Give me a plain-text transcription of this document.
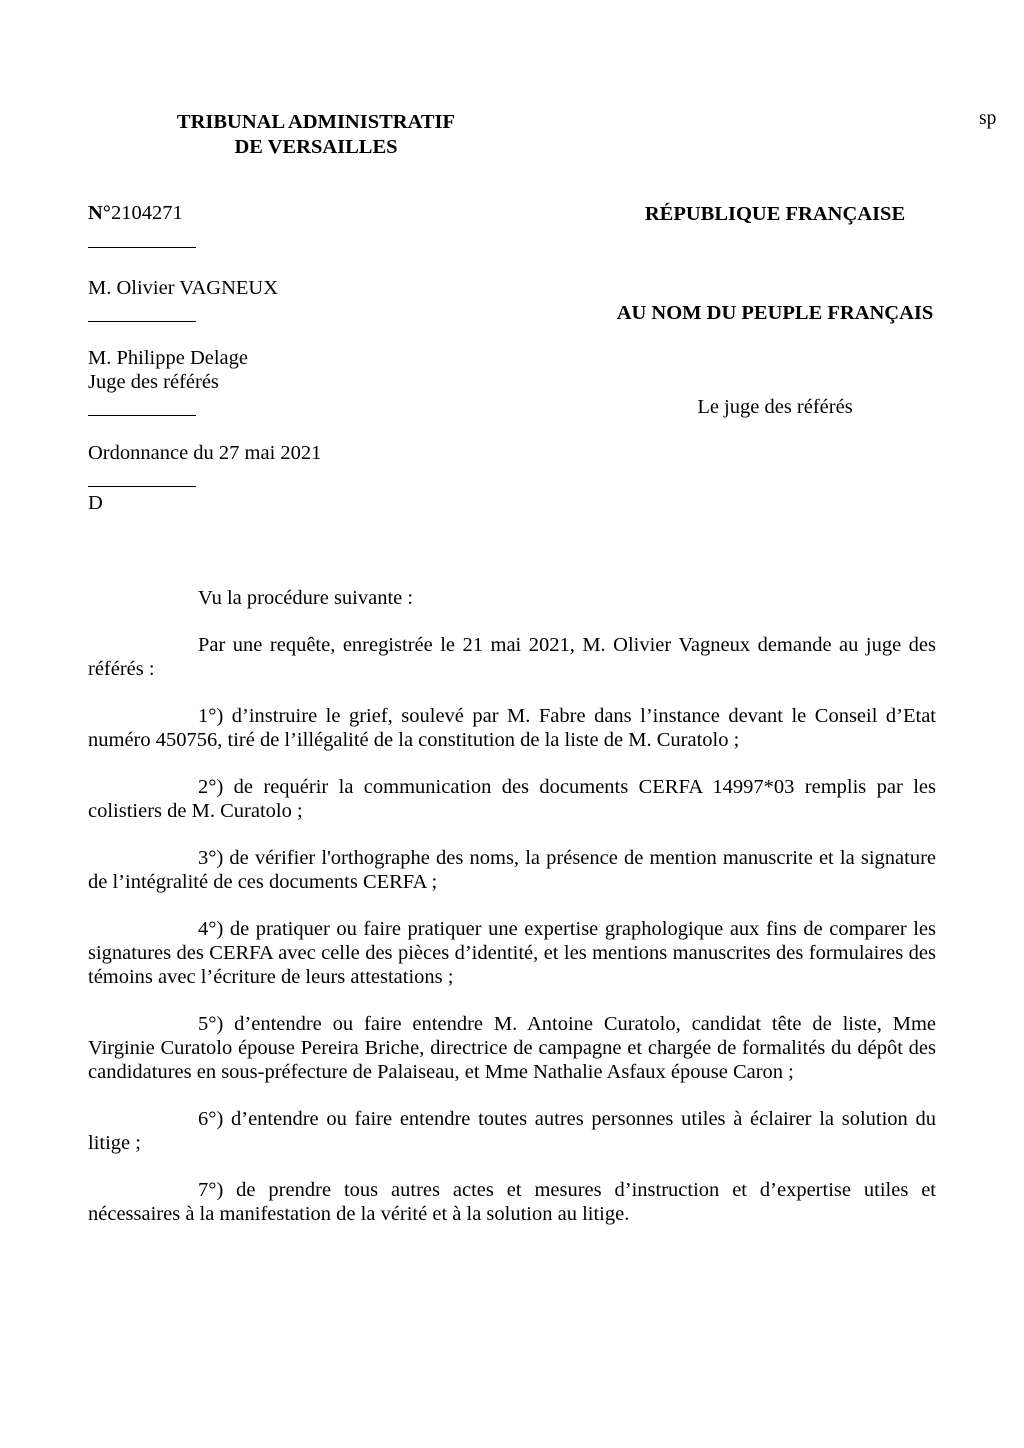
TRIBUNAL ADMINISTRATIF
DE VERSAILLES
sp
N°2104271
M. Olivier VAGNEUX
M. Philippe Delage
Juge des référés
Ordonnance du 27 mai 2021
D
RÉPUBLIQUE FRANÇAISE
AU NOM DU PEUPLE FRANÇAIS
Le juge des référés

Vu la procédure suivante :

Par une requête, enregistrée le 21 mai 2021, M. Olivier Vagneux demande au juge des référés :

1°) d’instruire le grief, soulevé par M. Fabre dans l’instance devant le Conseil d’Etat numéro 450756, tiré de l’illégalité de la constitution de la liste de M. Curatolo ;

2°) de requérir la communication des documents CERFA 14997*03 remplis par les colistiers de M. Curatolo ;

3°) de vérifier l'orthographe des noms, la présence de mention manuscrite et la signature de l’intégralité de ces documents CERFA ;

4°) de pratiquer ou faire pratiquer une expertise graphologique aux fins de comparer les signatures des CERFA avec celle des pièces d’identité, et les mentions manuscrites des formulaires des témoins avec l’écriture de leurs attestations ;

5°) d’entendre ou faire entendre M. Antoine Curatolo, candidat tête de liste, Mme Virginie Curatolo épouse Pereira Briche, directrice de campagne et chargée de formalités du dépôt des candidatures en sous-préfecture de Palaiseau, et Mme Nathalie Asfaux épouse Caron ;

6°) d’entendre ou faire entendre toutes autres personnes utiles à éclairer la solution du litige ;

7°) de prendre tous autres actes et mesures d’instruction et d’expertise utiles et nécessaires à la manifestation de la vérité et à la solution au litige.
